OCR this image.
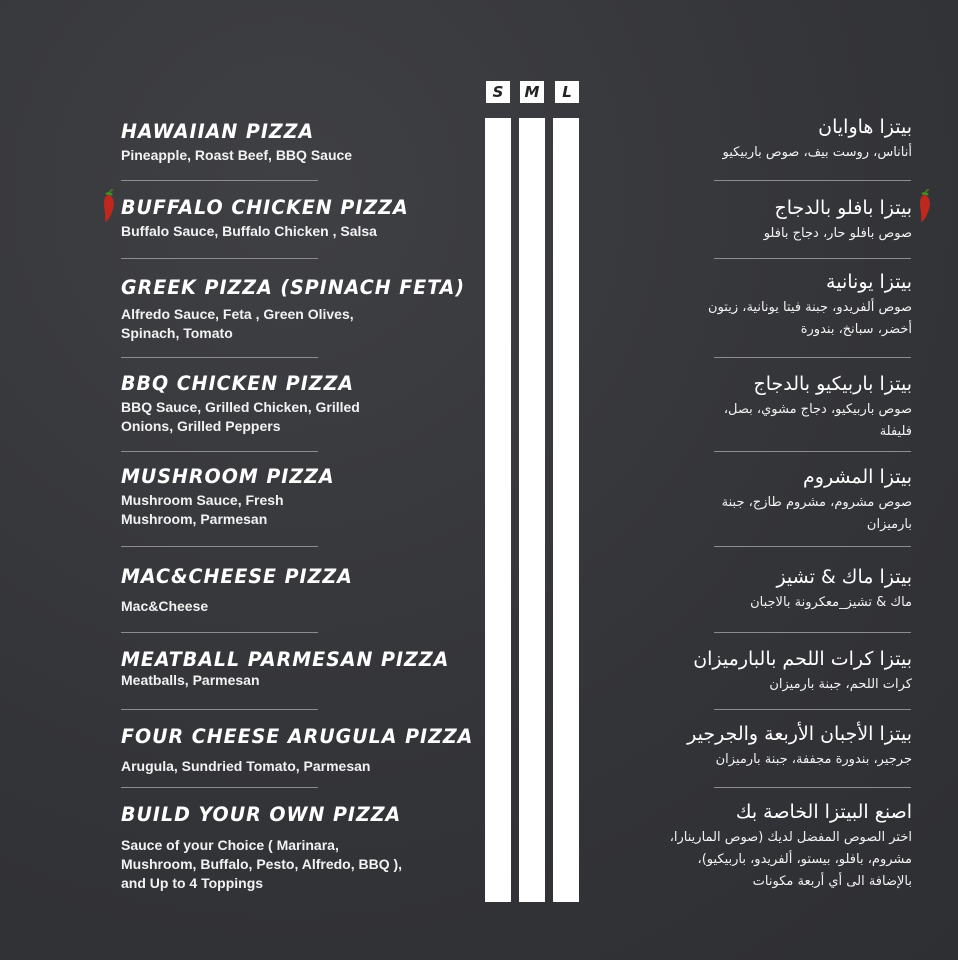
S	M	L
HAWAIIAN PIZZA
Pineapple, Roast Beef, BBQ Sauce
بيتزا هاوايان
أناناس، روست بيف، صوص باربيكيو
40 65 85
BUFFALO CHICKEN PIZZA
Buffalo Sauce, Buffalo Chicken , Salsa
بيتزا بافلو بالدجاج
صوص بافلو حار، دجاج بافلو
40 65 85
GREEK PIZZA (SPINACH FETA)
Alfredo Sauce, Feta , Green Olives, Spinach, Tomato
بيتزا يونانية
صوص ألفريدو، جبنة فيتا يونانية، زيتون أخضر، سبانخ، بندورة
40 65 85
BBQ CHICKEN PIZZA
BBQ Sauce, Grilled Chicken, Grilled Onions, Grilled Peppers
بيتزا باربيكيو بالدجاج
صوص باربيكيو، دجاج مشوي، بصل، فليفلة
40 65 85
MUSHROOM PIZZA
Mushroom Sauce, Fresh Mushroom, Parmesan
بيتزا المشروم
صوص مشروم، مشروم طازج، جبنة بارميزان
40 65 85
MAC&CHEESE PIZZA
Mac&Cheese
بيتزا ماك & تشيز
ماك & تشيز_معكرونة بالاجبان
40 65 85
MEATBALL PARMESAN PIZZA
Meatballs, Parmesan
بيتزا كرات اللحم بالبارميزان
كرات اللحم، جبنة بارميزان
40 65 85
FOUR CHEESE ARUGULA PIZZA
Arugula, Sundried Tomato, Parmesan
بيتزا الأجبان الأربعة والجرجير
جرجير، بندورة مجففة، جبنة بارميزان
40 65 85
BUILD YOUR OWN PIZZA
Sauce of your Choice ( Marinara, Mushroom, Buffalo, Pesto, Alfredo, BBQ ), and Up to 4 Toppings
اصنع البيتزا الخاصة بك
اختر الصوص المفضل لديك (صوص المارينارا، مشروم، بافلو، بيستو، ألفريدو، باربيكيو)، بالإضافة الى أي أربعة مكونات
40 65 85
